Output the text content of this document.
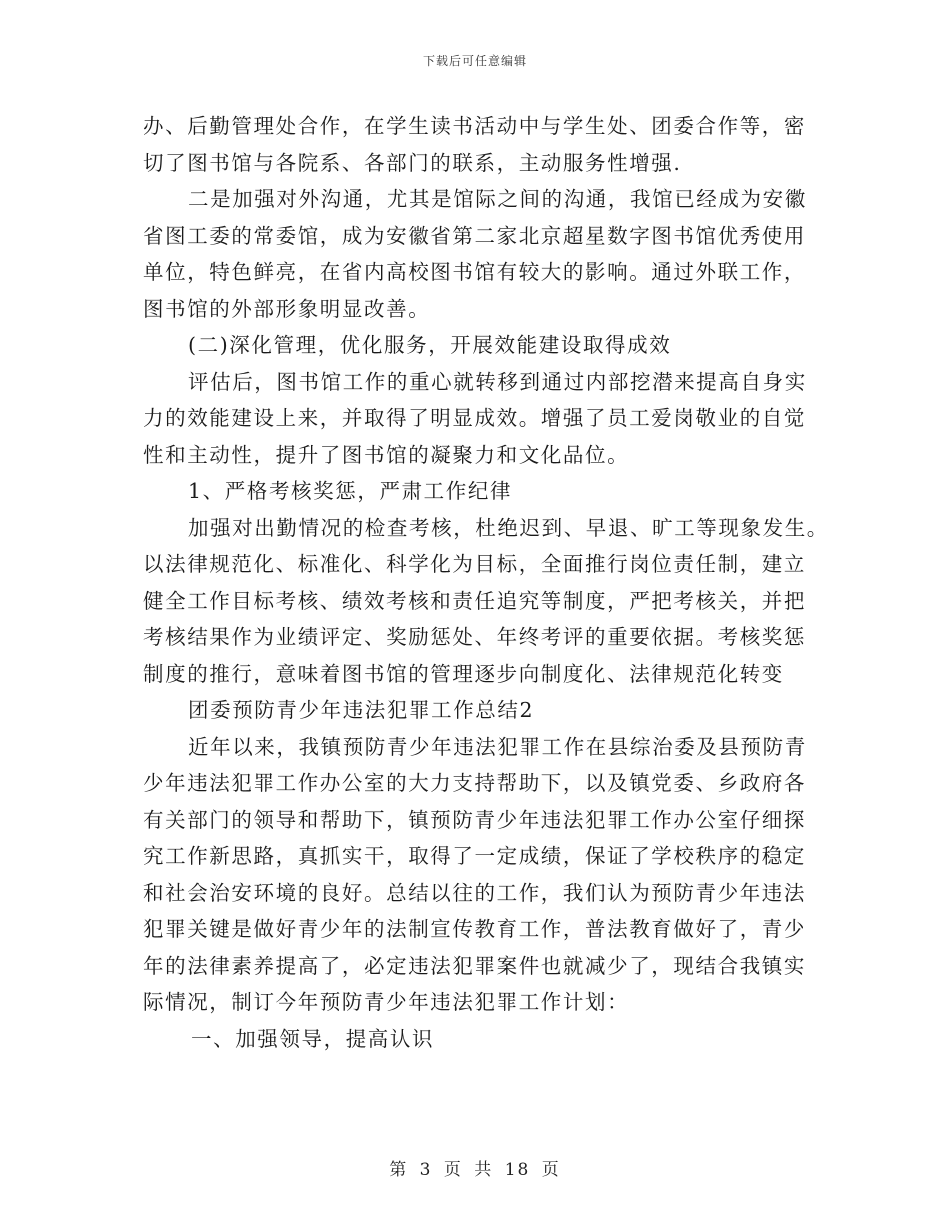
下载后可任意编辑
办、后勤管理处合作，在学生读书活动中与学生处、团委合作等，密
切了图书馆与各院系、各部门的联系，主动服务性增强.
二是加强对外沟通，尤其是馆际之间的沟通，我馆已经成为安徽
省图工委的常委馆，成为安徽省第二家北京超星数字图书馆优秀使用
单位，特色鲜亮，在省内高校图书馆有较大的影响。通过外联工作，
图书馆的外部形象明显改善。
(二)深化管理，优化服务，开展效能建设取得成效
评估后，图书馆工作的重心就转移到通过内部挖潜来提高自身实
力的效能建设上来，并取得了明显成效。增强了员工爱岗敬业的自觉
性和主动性，提升了图书馆的凝聚力和文化品位。
1、严格考核奖惩，严肃工作纪律
加强对出勤情况的检查考核，杜绝迟到、早退、旷工等现象发生。
以法律规范化、标准化、科学化为目标，全面推行岗位责任制，建立
健全工作目标考核、绩效考核和责任追究等制度，严把考核关，并把
考核结果作为业绩评定、奖励惩处、年终考评的重要依据。考核奖惩
制度的推行，意味着图书馆的管理逐步向制度化、法律规范化转变
团委预防青少年违法犯罪工作总结2
近年以来，我镇预防青少年违法犯罪工作在县综治委及县预防青
少年违法犯罪工作办公室的大力支持帮助下，以及镇党委、乡政府各
有关部门的领导和帮助下，镇预防青少年违法犯罪工作办公室仔细探
究工作新思路，真抓实干，取得了一定成绩，保证了学校秩序的稳定
和社会治安环境的良好。总结以往的工作，我们认为预防青少年违法
犯罪关键是做好青少年的法制宣传教育工作，普法教育做好了，青少
年的法律素养提高了，必定违法犯罪案件也就减少了，现结合我镇实
际情况，制订今年预防青少年违法犯罪工作计划：
一、加强领导，提高认识
第 3 页 共 18 页
